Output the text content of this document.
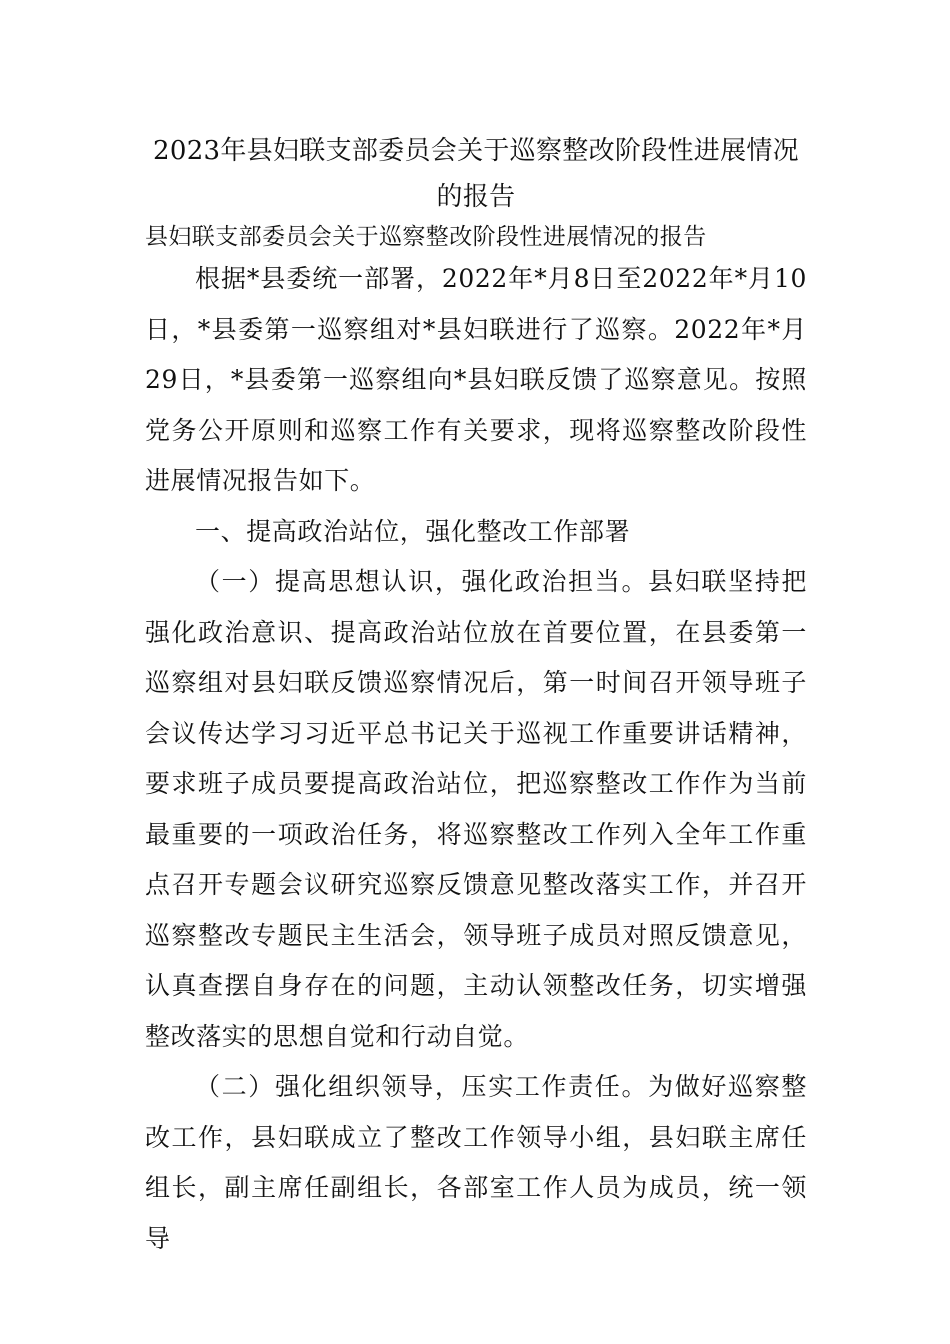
2023年县妇联支部委员会关于巡察整改阶段性进展情况的报告

县妇联支部委员会关于巡察整改阶段性进展情况的报告

根据*县委统一部署，2022年*月8日至2022年*月10日，*县委第一巡察组对*县妇联进行了巡察。2022年*月29日，*县委第一巡察组向*县妇联反馈了巡察意见。按照党务公开原则和巡察工作有关要求，现将巡察整改阶段性进展情况报告如下。

一、提高政治站位，强化整改工作部署

（一）提高思想认识，强化政治担当。县妇联坚持把强化政治意识、提高政治站位放在首要位置，在县委第一巡察组对县妇联反馈巡察情况后，第一时间召开领导班子会议传达学习习近平总书记关于巡视工作重要讲话精神，要求班子成员要提高政治站位，把巡察整改工作作为当前最重要的一项政治任务，将巡察整改工作列入全年工作重点召开专题会议研究巡察反馈意见整改落实工作，并召开巡察整改专题民主生活会，领导班子成员对照反馈意见，认真查摆自身存在的问题，主动认领整改任务，切实增强整改落实的思想自觉和行动自觉。

（二）强化组织领导，压实工作责任。为做好巡察整改工作，县妇联成立了整改工作领导小组，县妇联主席任组长，副主席任副组长，各部室工作人员为成员，统一领导
